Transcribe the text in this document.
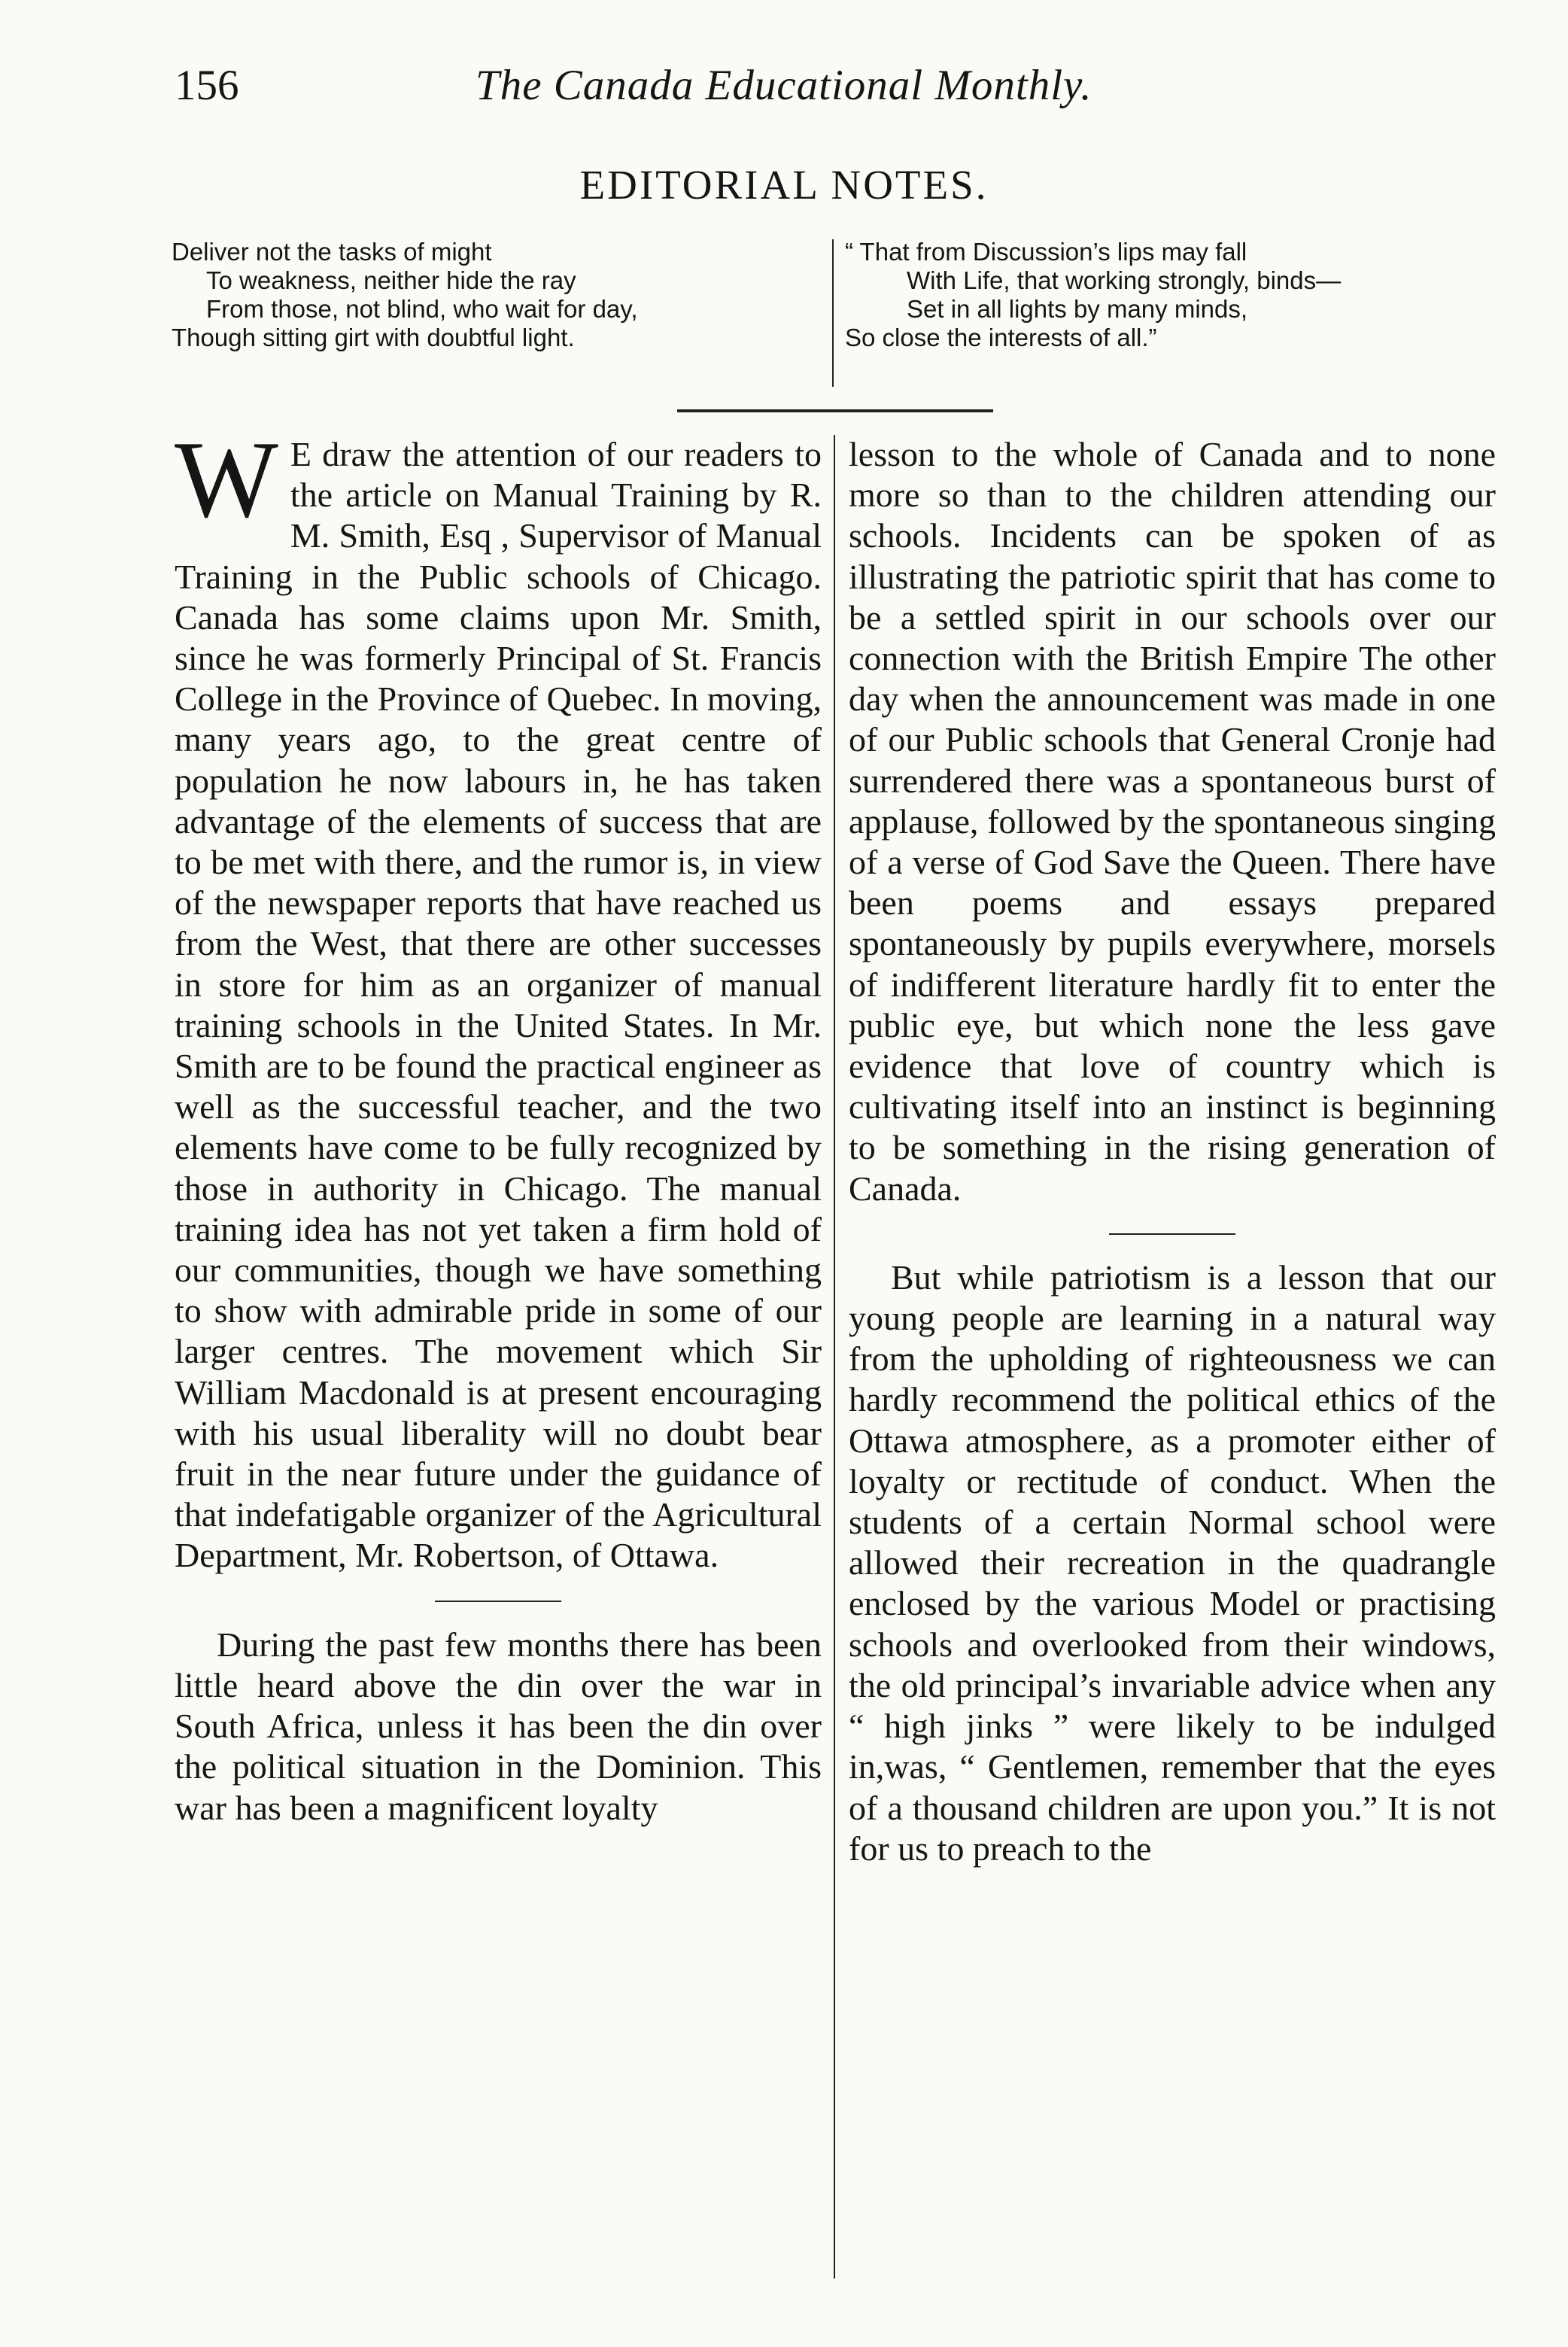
156	The Canada Educational Monthly.
EDITORIAL NOTES.
Deliver not the tasks of might
To weakness, neither hide the ray
From those, not blind, who wait for day,
Though sitting girt with doubtful light.
“ That from Discussion’s lips may fall
With Life, that working strongly, binds—
Set in all lights by many minds,
So close the interests of all.”

W E draw the attention of our readers to the article on Manual Training by R. M. Smith, Esq , Supervisor of Manual Training in the Public schools of Chicago. Canada has some claims upon Mr. Smith, since he was formerly Principal of St. Francis College in the Province of Quebec. In moving, many years ago, to the great centre of population he now labours in, he has taken advantage of the elements of success that are to be met with there, and the rumor is, in view of the newspaper reports that have reached us from the West, that there are other successes in store for him as an organizer of manual training schools in the United States. In Mr. Smith are to be found the practical engineer as well as the successful teacher, and the two elements have come to be fully recognized by those in authority in Chicago. The manual training idea has not yet taken a firm hold of our communities, though we have something to show with admirable pride in some of our larger centres. The movement which Sir William Macdonald is at present encouraging with his usual liberality will no doubt bear fruit in the near future under the guidance of that indefatigable organizer of the Agricultural Department, Mr. Robertson, of Ottawa.

During the past few months there has been little heard above the din over the war in South Africa, unless it has been the din over the political situation in the Dominion. This war has been a magnificent loyalty

lesson to the whole of Canada and to none more so than to the children attending our schools. Incidents can be spoken of as illustrating the patriotic spirit that has come to be a settled spirit in our schools over our connection with the British Empire The other day when the announcement was made in one of our Public schools that General Cronje had surrendered there was a spontaneous burst of applause, followed by the spontaneous singing of a verse of God Save the Queen. There have been poems and essays prepared spontaneously by pupils everywhere, morsels of indifferent literature hardly fit to enter the public eye, but which none the less gave evidence that love of country which is cultivating itself into an instinct is beginning to be something in the rising generation of Canada.

But while patriotism is a lesson that our young people are learning in a natural way from the upholding of righteousness we can hardly recommend the political ethics of the Ottawa atmosphere, as a promoter either of loyalty or rectitude of conduct. When the students of a certain Normal school were allowed their recreation in the quadrangle enclosed by the various Model or practising schools and overlooked from their windows, the old principal’s invariable advice when any “ high jinks ” were likely to be indulged in,was, “ Gentlemen, remember that the eyes of a thousand children are upon you.” It is not for us to preach to the
